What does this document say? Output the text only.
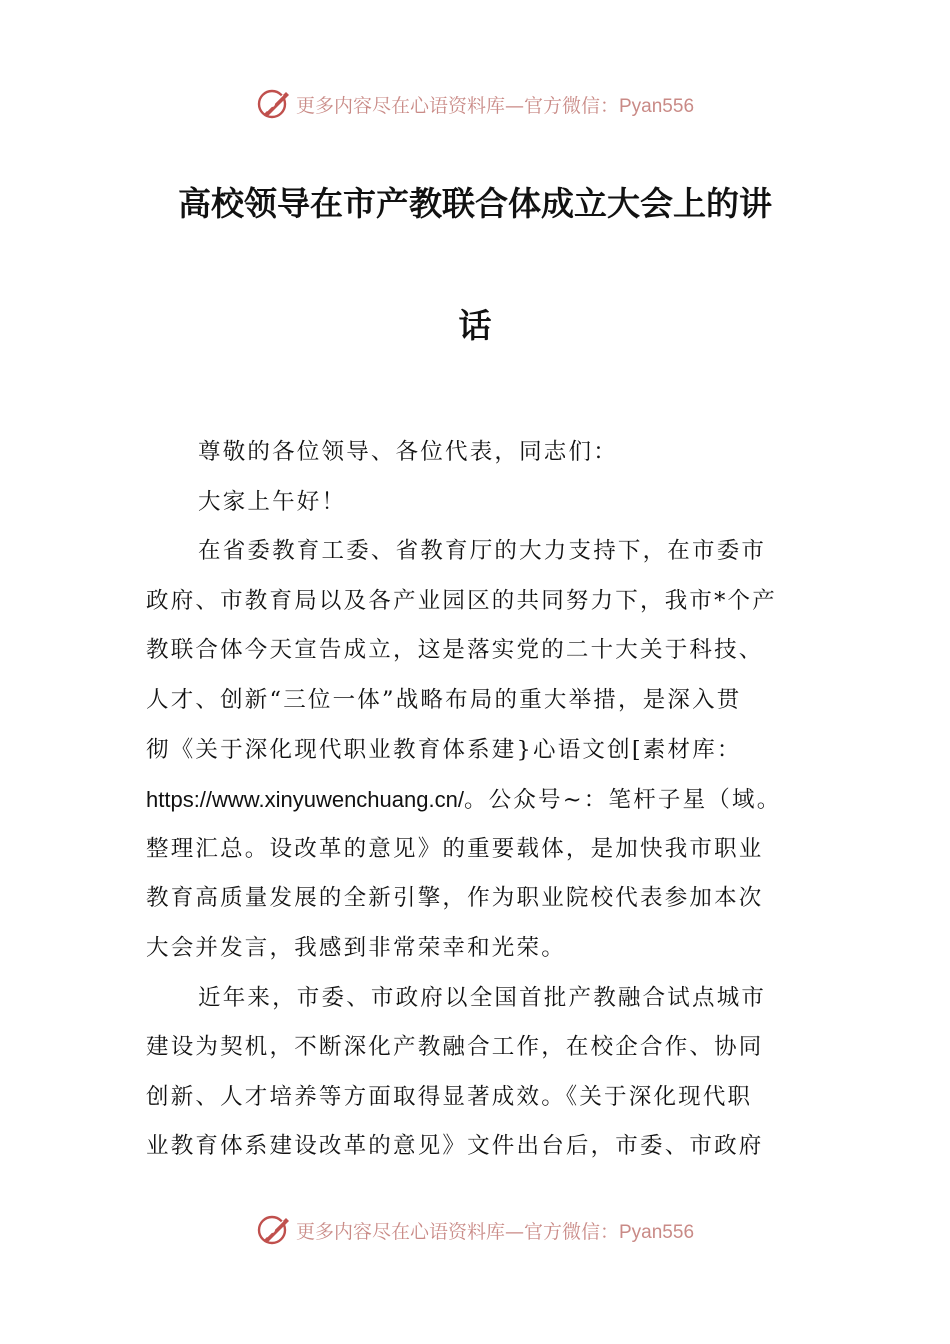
更多内容尽在心语资料库—官方微信：Pyan556
高校领导在市产教联合体成立大会上的讲
话
尊敬的各位领导、各位代表，同志们：
大家上午好！
在省委教育工委、省教育厅的大力支持下，在市委市
政府、市教育局以及各产业园区的共同努力下，我市*个产
教联合体今天宣告成立，这是落实党的二十大关于科技、
人才、创新“三位一体”战略布局的重大举措，是深入贯
彻《关于深化现代职业教育体系建}心语文创[素材库：
https://www.xinyuwenchuang.cn/。公众号~：笔杆子星（域。
整理汇总。设改革的意见》的重要载体，是加快我市职业
教育高质量发展的全新引擎，作为职业院校代表参加本次
大会并发言，我感到非常荣幸和光荣。
近年来，市委、市政府以全国首批产教融合试点城市
建设为契机，不断深化产教融合工作，在校企合作、协同
创新、人才培养等方面取得显著成效。《关于深化现代职
业教育体系建设改革的意见》文件出台后，市委、市政府
更多内容尽在心语资料库—官方微信：Pyan556
